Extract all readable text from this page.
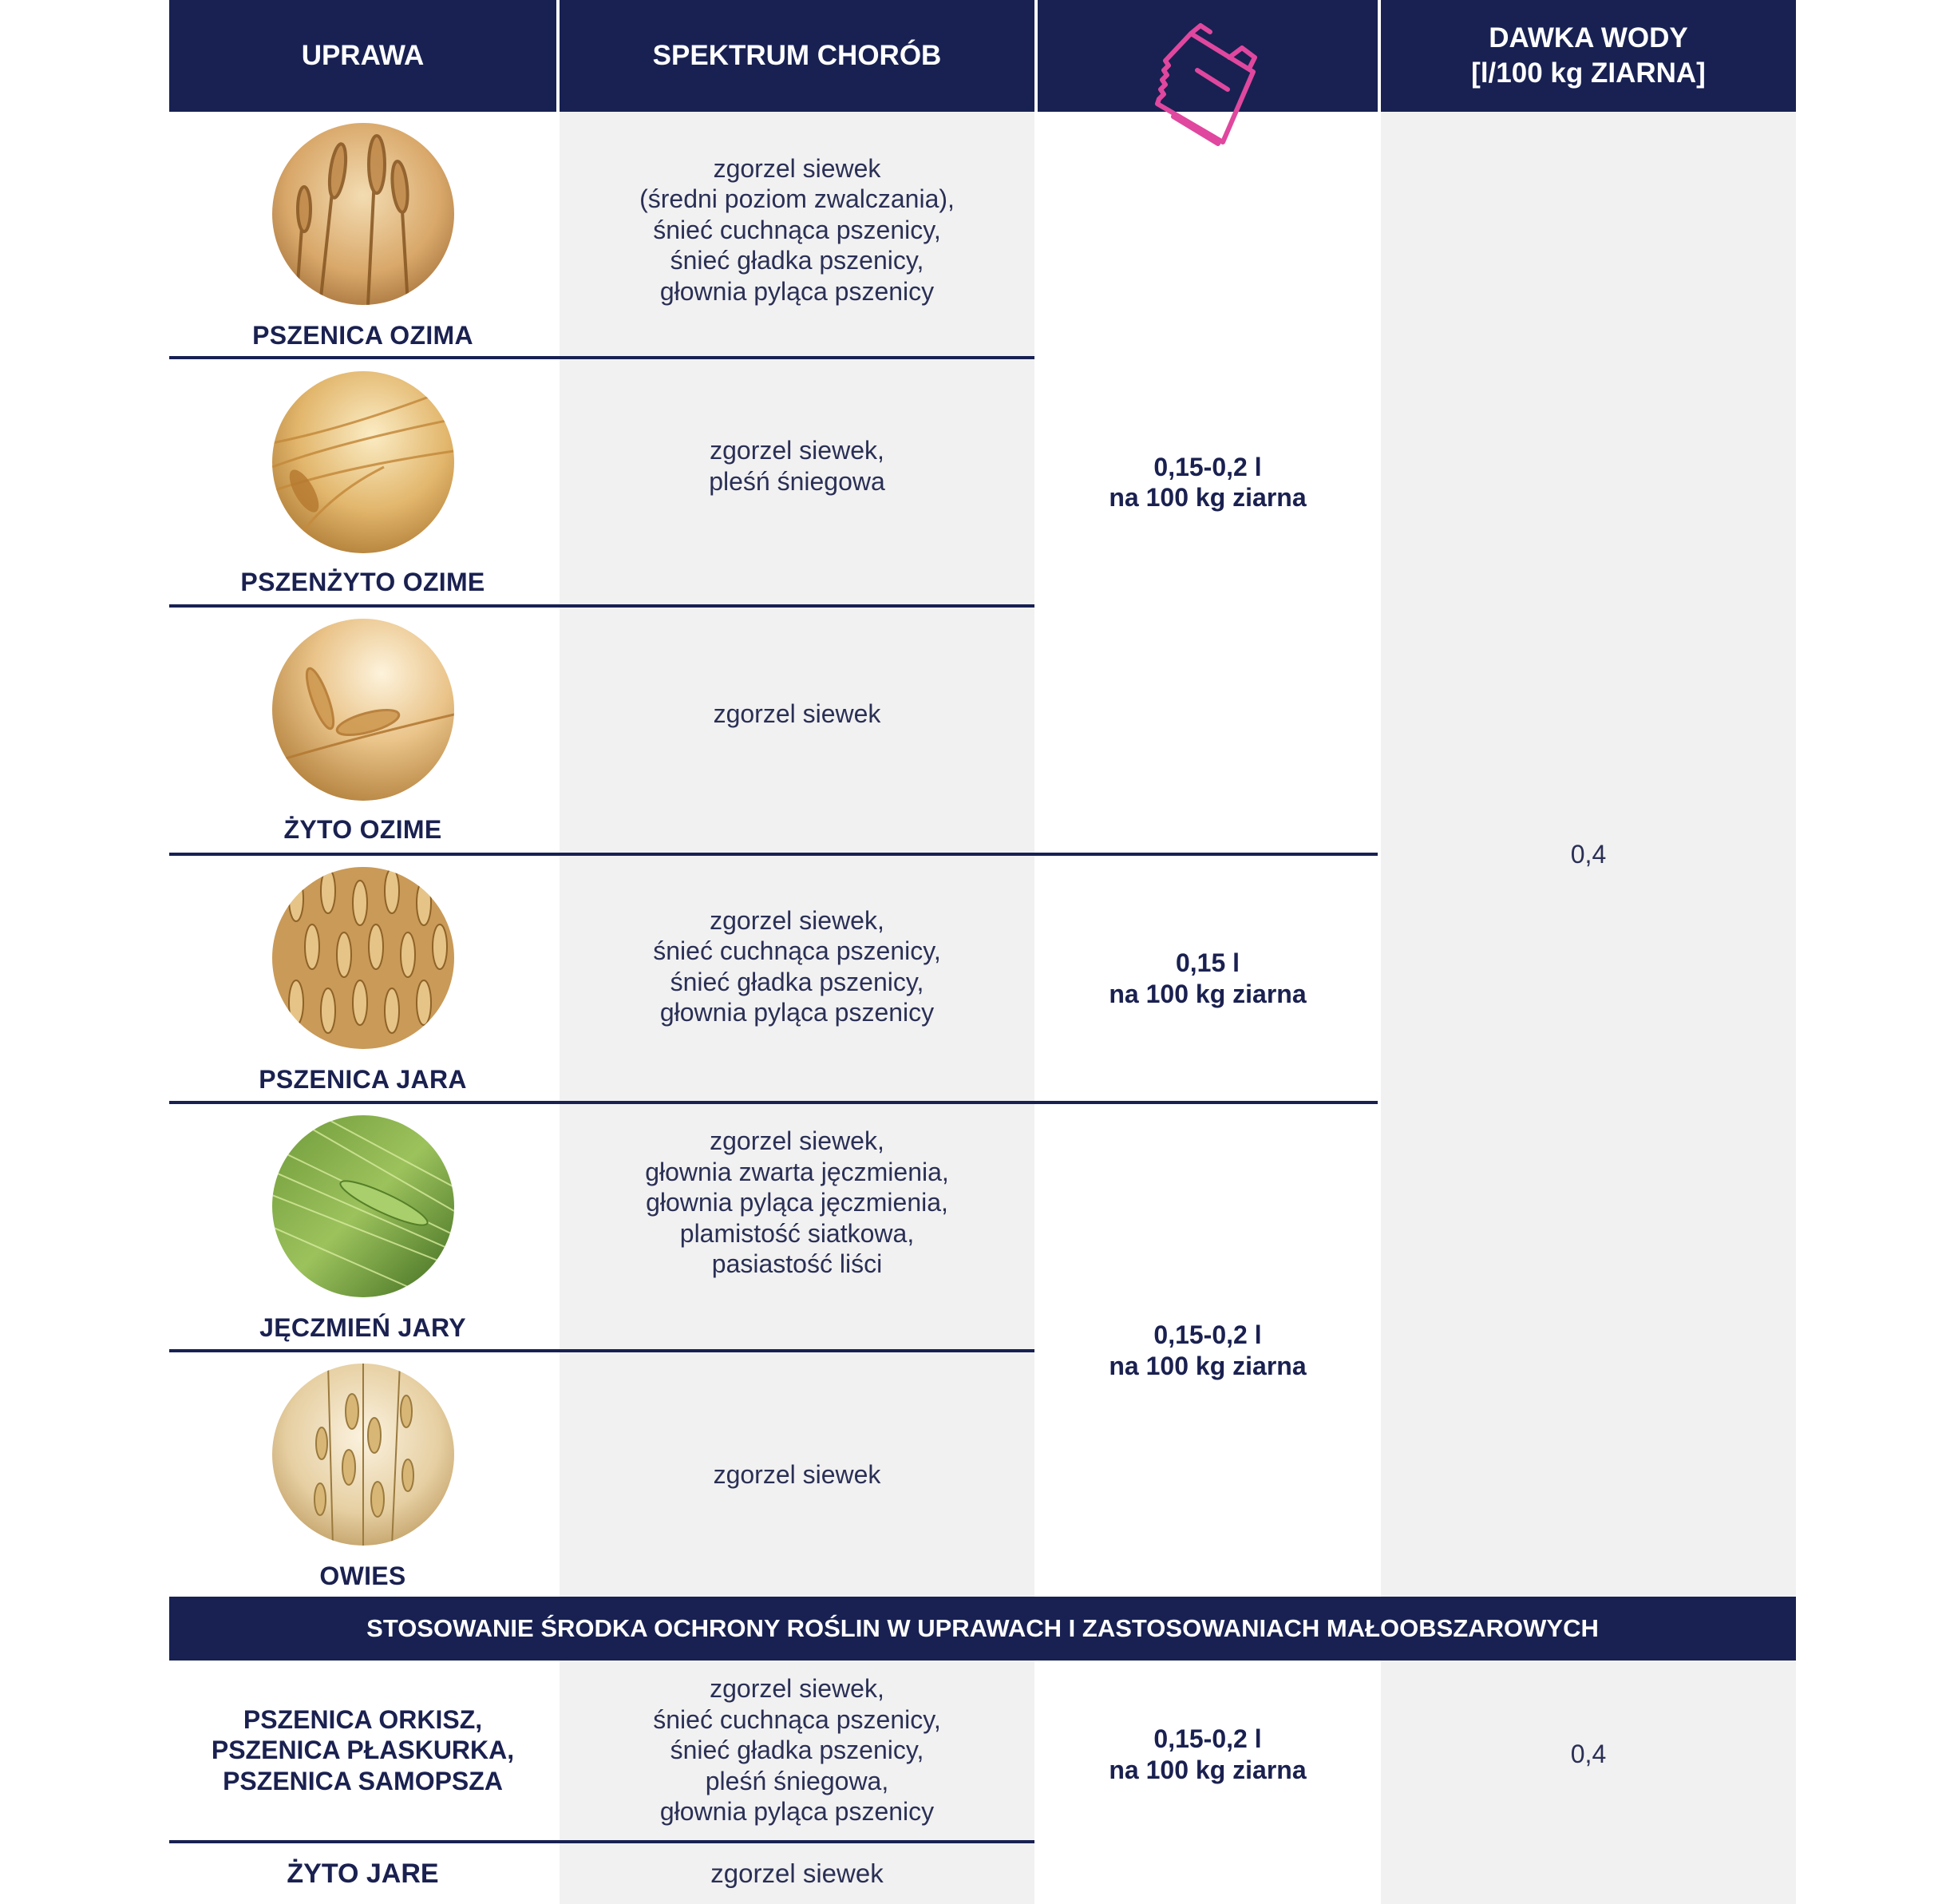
UPRAWA	SPEKTRUM CHORÓB
DAWKA WODY
[l/100 kg ZIARNA]
PSZENICA OZIMA
zgorzel siewek
(średni poziom zwalczania),
śnieć cuchnąca pszenicy,
śnieć gładka pszenicy,
głownia pyląca pszenicy
PSZENŻYTO OZIME
zgorzel siewek,
pleśń śniegowa
ŻYTO OZIME
zgorzel siewek
PSZENICA JARA
zgorzel siewek,
śnieć cuchnąca pszenicy,
śnieć gładka pszenicy,
głownia pyląca pszenicy
JĘCZMIEŃ JARY
zgorzel siewek,
głownia zwarta jęczmienia,
głownia pyląca jęczmienia,
plamistość siatkowa,
pasiastość liści
OWIES
zgorzel siewek
0,15-0,2 l
na 100 kg ziarna
0,15 l
na 100 kg ziarna
0,15-0,2 l
na 100 kg ziarna
0,4
STOSOWANIE ŚRODKA OCHRONY ROŚLIN W UPRAWACH I ZASTOSOWANIACH MAŁOOBSZAROWYCH
PSZENICA ORKISZ,
PSZENICA PŁASKURKA,
PSZENICA SAMOPSZA
zgorzel siewek,
śnieć cuchnąca pszenicy,
śnieć gładka pszenicy,
pleśń śniegowa,
głownia pyląca pszenicy
ŻYTO JARE	zgorzel siewek
0,15-0,2 l
na 100 kg ziarna
0,4
